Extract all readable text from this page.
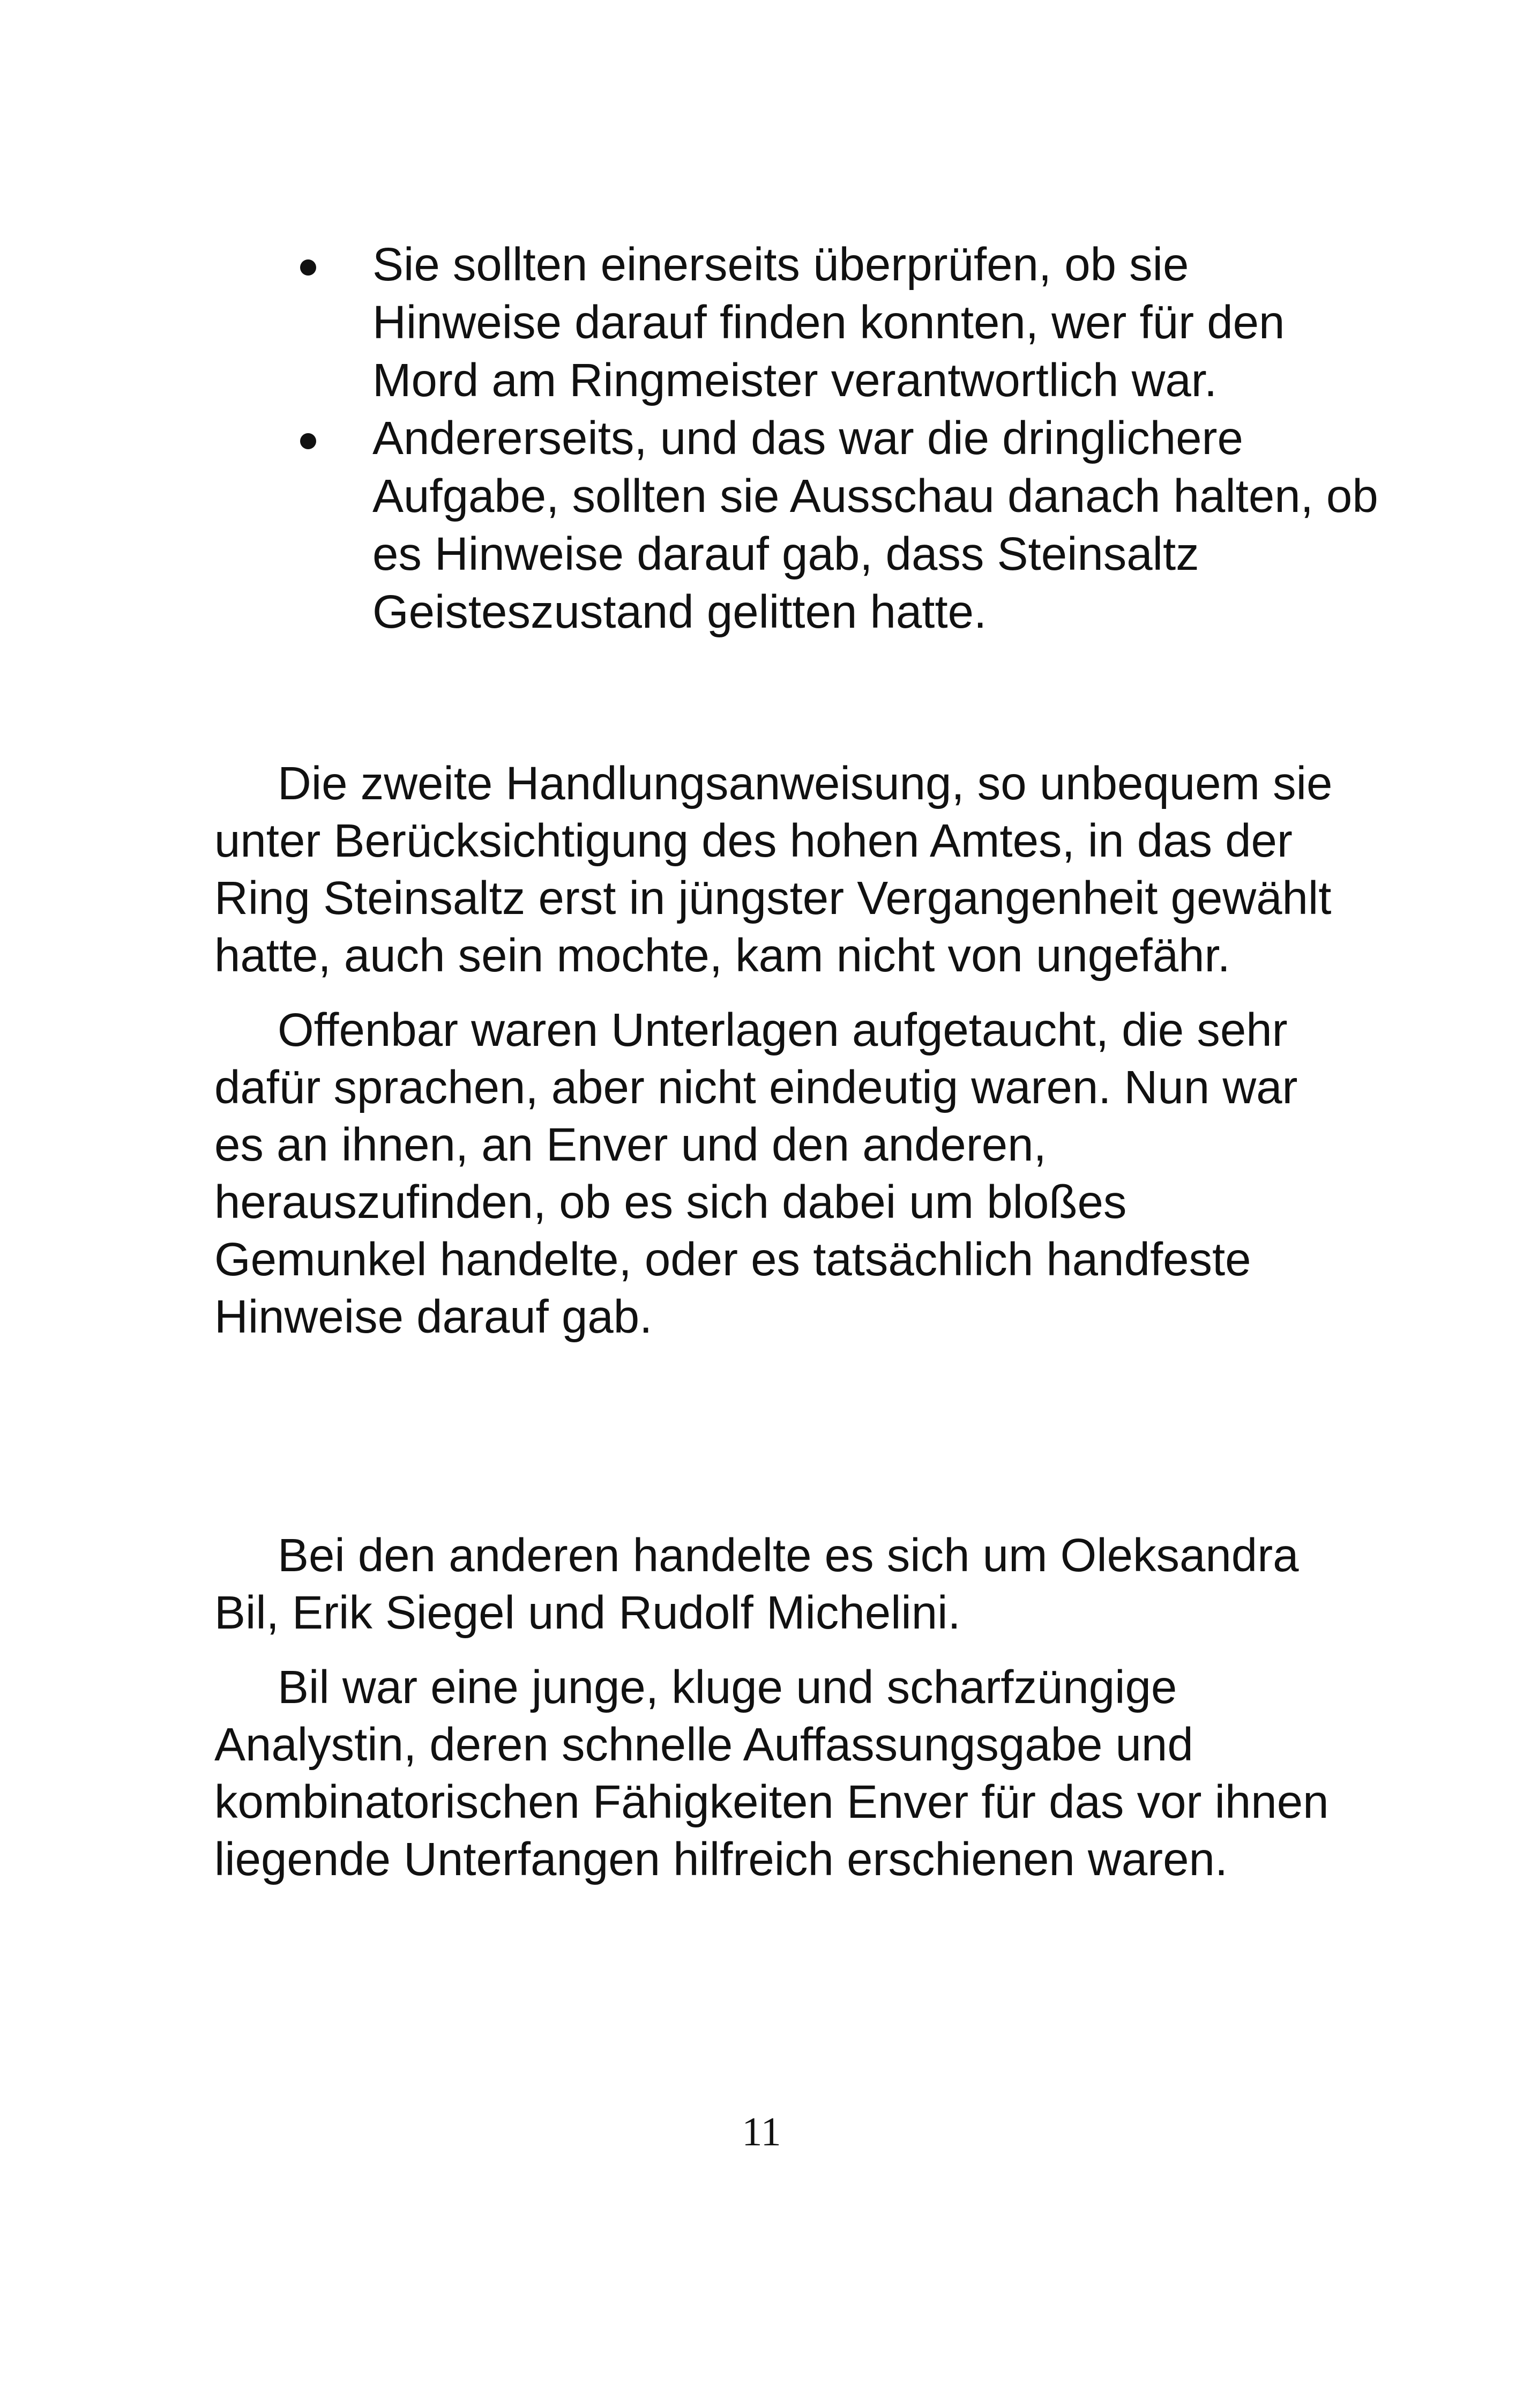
Sie sollten einerseits überprüfen, ob sie Hinweise darauf finden konnten, wer für den Mord am Ringmeister verantwortlich war.
Andererseits, und das war die dringlichere Aufgabe, sollten sie Ausschau danach halten, ob es Hinweise darauf gab, dass Steinsaltz Geisteszustand gelitten hatte.

Die zweite Handlungsanweisung, so unbequem sie unter Berücksichtigung des hohen Amtes, in das der Ring Steinsaltz erst in jüngster Vergangenheit gewählt hatte, auch sein mochte, kam nicht von ungefähr.

Offenbar waren Unterlagen aufgetaucht, die sehr dafür sprachen, aber nicht eindeutig waren. Nun war es an ihnen, an Enver und den anderen, herauszufinden, ob es sich dabei um bloßes Gemunkel handelte, oder es tatsächlich handfeste Hinweise darauf gab.

Bei den anderen handelte es sich um Oleksandra Bil, Erik Siegel und Rudolf Michelini.

Bil war eine junge, kluge und scharfzüngige Analystin, deren schnelle Auffassungsgabe und kombinatorischen Fähigkeiten Enver für das vor ihnen liegende Unterfangen hilfreich erschienen waren.

11
